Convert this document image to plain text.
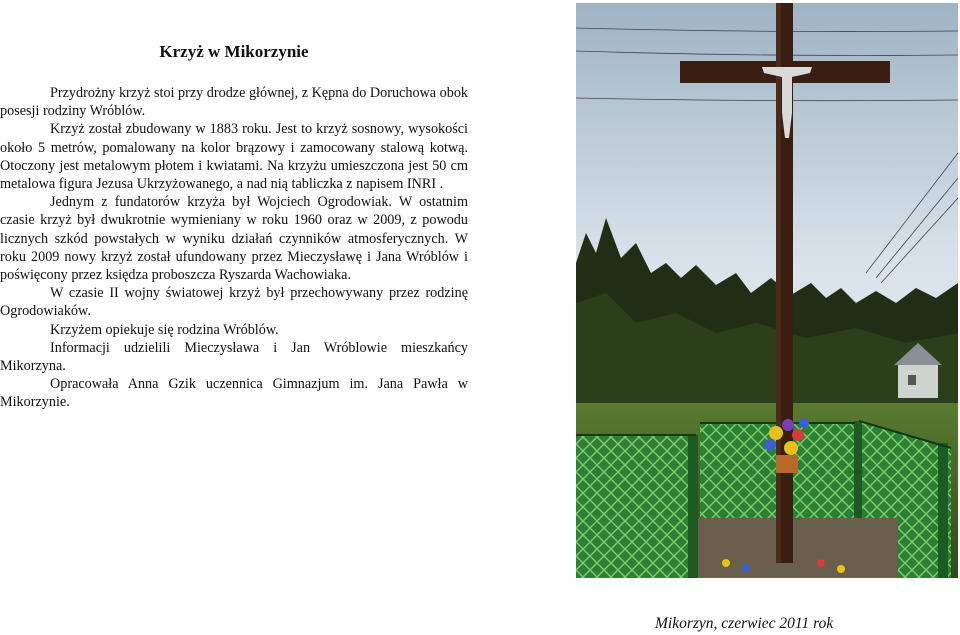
Krzyż w Mikorzynie

Przydrożny krzyż stoi przy drodze głównej, z Kępna do Doruchowa obok posesji rodziny Wróblów.

Krzyż został zbudowany w 1883 roku. Jest to krzyż sosnowy, wysokości około 5 metrów, pomalowany na kolor brązowy i zamocowany stalową kotwą. Otoczony jest metalowym płotem i kwiatami. Na krzyżu umieszczona jest 50 cm metalowa figura Jezusa Ukrzyżowanego, a nad nią tabliczka z napisem INRI .

Jednym z fundatorów krzyża był Wojciech Ogrodowiak. W ostatnim czasie krzyż był dwukrotnie wymieniany w roku 1960 oraz w 2009, z powodu licznych szkód powstałych w wyniku działań czynników atmosferycznych. W roku 2009 nowy krzyż został ufundowany przez Mieczysławę i Jana Wróblów i poświęcony przez księdza proboszcza Ryszarda Wachowiaka.

W czasie II wojny światowej krzyż był przechowywany przez rodzinę Ogrodowiaków.

Krzyżem opiekuje się rodzina Wróblów.

Informacji udzielili Mieczysława i Jan Wróblowie mieszkańcy Mikorzyna.

Opracowała Anna Gzik uczennica Gimnazjum im. Jana Pawła w Mikorzynie.

Mikorzyn, czerwiec 2011 rok
